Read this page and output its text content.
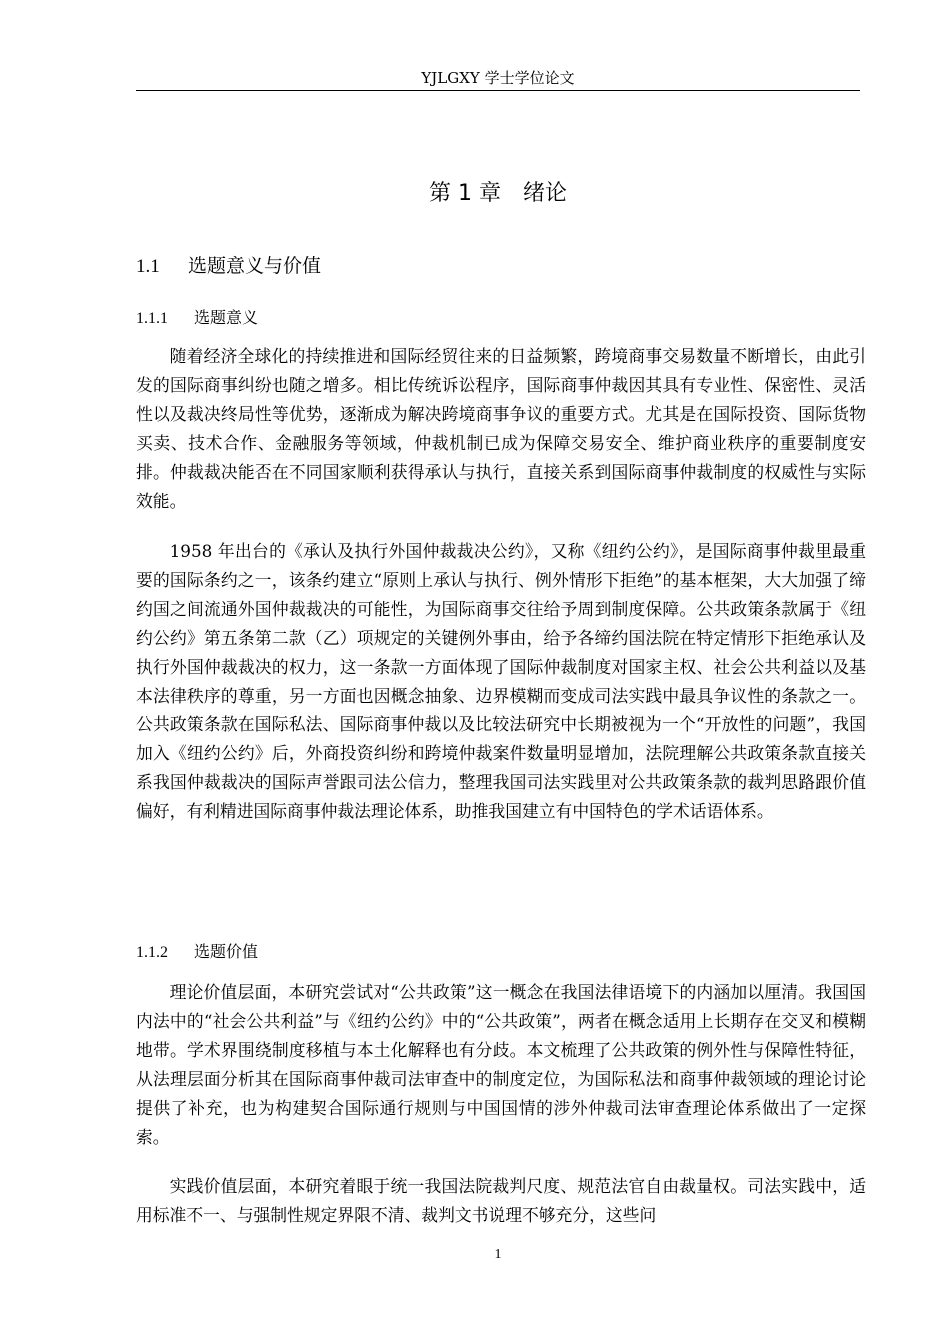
YJLGXY 学士学位论文
第 1 章　绪论
1.1 选题意义与价值
1.1.1 选题意义

随着经济全球化的持续推进和国际经贸往来的日益频繁，跨境商事交易数量不断增长，由此引发的国际商事纠纷也随之增多。相比传统诉讼程序，国际商事仲裁因其具有专业性、保密性、灵活性以及裁决终局性等优势，逐渐成为解决跨境商事争议的重要方式。尤其是在国际投资、国际货物买卖、技术合作、金融服务等领域，仲裁机制已成为保障交易安全、维护商业秩序的重要制度安排。仲裁裁决能否在不同国家顺利获得承认与执行，直接关系到国际商事仲裁制度的权威性与实际效能。

1958 年出台的《承认及执行外国仲裁裁决公约》，又称《纽约公约》，是国际商事仲裁里最重要的国际条约之一，该条约建立“原则上承认与执行、例外情形下拒绝”的基本框架，大大加强了缔约国之间流通外国仲裁裁决的可能性，为国际商事交往给予周到制度保障。公共政策条款属于《纽约公约》第五条第二款（乙）项规定的关键例外事由，给予各缔约国法院在特定情形下拒绝承认及执行外国仲裁裁决的权力，这一条款一方面体现了国际仲裁制度对国家主权、社会公共利益以及基本法律秩序的尊重，另一方面也因概念抽象、边界模糊而变成司法实践中最具争议性的条款之一。公共政策条款在国际私法、国际商事仲裁以及比较法研究中长期被视为一个“开放性的问题”，我国加入《纽约公约》后，外商投资纠纷和跨境仲裁案件数量明显增加，法院理解公共政策条款直接关系我国仲裁裁决的国际声誉跟司法公信力，整理我国司法实践里对公共政策条款的裁判思路跟价值偏好，有利精进国际商事仲裁法理论体系，助推我国建立有中国特色的学术话语体系。

1.1.2 选题价值

理论价值层面，本研究尝试对“公共政策”这一概念在我国法律语境下的内涵加以厘清。我国国内法中的“社会公共利益”与《纽约公约》中的“公共政策”，两者在概念适用上长期存在交叉和模糊地带。学术界围绕制度移植与本土化解释也有分歧。本文梳理了公共政策的例外性与保障性特征，从法理层面分析其在国际商事仲裁司法审查中的制度定位，为国际私法和商事仲裁领域的理论讨论提供了补充，也为构建契合国际通行规则与中国国情的涉外仲裁司法审查理论体系做出了一定探索。

实践价值层面，本研究着眼于统一我国法院裁判尺度、规范法官自由裁量权。司法实践中，适用标准不一、与强制性规定界限不清、裁判文书说理不够充分，这些问

1
